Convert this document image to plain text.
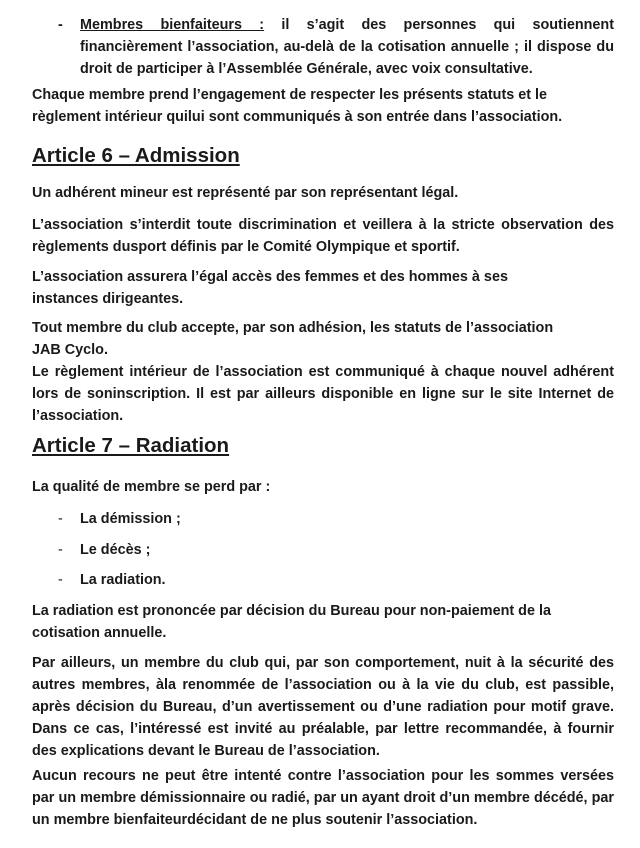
- Membres bienfaiteurs : il s’agit des personnes qui soutiennent financièrement l’association, au-delà de la cotisation annuelle ; il dispose du droit de participer à l’Assemblée Générale, avec voix consultative.

Chaque membre prend l’engagement de respecter les présents statuts et le règlement intérieur quilui sont communiqués à son entrée dans l’association.

Article 6 – Admission

Un adhérent mineur est représenté par son représentant légal.

L’association s’interdit toute discrimination et veillera à la stricte observation des règlements dusport définis par le Comité Olympique et sportif.

L’association assurera l’égal accès des femmes et des hommes à ses
instances dirigeantes.
Tout membre du club accepte, par son adhésion, les statuts de l’association
JAB Cyclo.

Le règlement intérieur de l’association est communiqué à chaque nouvel adhérent lors de soninscription. Il est par ailleurs disponible en ligne sur le site Internet de l’association.

Article 7 – Radiation

La qualité de membre se perd par :

- La démission ;
- Le décès ;
- La radiation.

La radiation est prononcée par décision du Bureau pour non-paiement de la cotisation annuelle.

Par ailleurs, un membre du club qui, par son comportement, nuit à la sécurité des autres membres, àla renommée de l’association ou à la vie du club, est passible, après décision du Bureau, d’un avertissement ou d’une radiation pour motif grave. Dans ce cas, l’intéressé est invité au préalable, par lettre recommandée, à fournir des explications devant le Bureau de l’association.

Aucun recours ne peut être intenté contre l’association pour les sommes versées par un membre démissionnaire ou radié, par un ayant droit d’un membre décédé, par un membre bienfaiteurdécidant de ne plus soutenir l’association.
